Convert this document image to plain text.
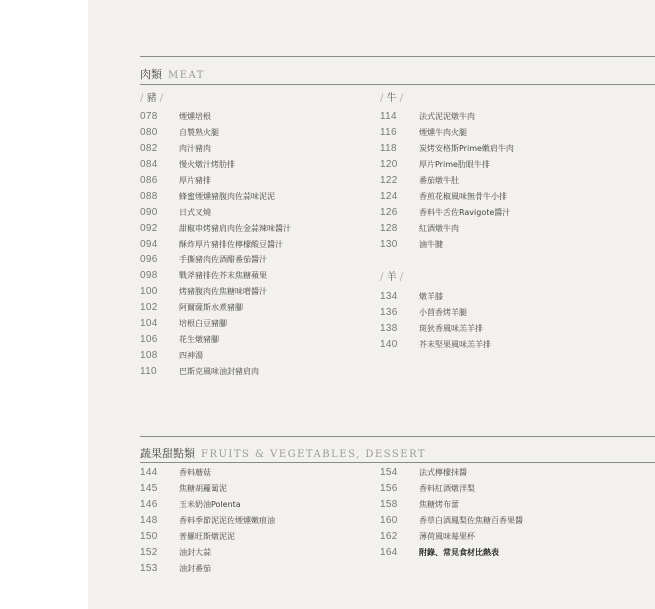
肉類 MEAT
/ 豬 /
078	煙燻培根
080	自製熟火腿
082	肉汁豬肉
084	慢火燉汁烤肋排
086	厚片豬排
088	蜂蜜煙燻豬腹肉佐蒜味泥泥
090	日式叉燒
092	甜椒串烤豬肩肉佐金蒜辣味醬汁
094	酥炸厚片豬排佐檸檬酸豆醬汁
096	手撕豬肉佐酒醋番茄醬汁
098	戰斧豬排佐芥末焦糖蘋果
100	烤豬腹肉佐焦糖味噌醬汁
102	阿爾薩斯水煮豬腳
104	培根白豆豬腳
106	花生燉豬腳
108	四神湯
110	巴斯克風味油封豬肩肉
/ 牛 /
114	法式泥泥燉牛肉
116	煙燻牛肉火腿
118	炭烤安格斯Prime嫩肩牛肉
120	厚片Prime肋眼牛排
122	番茄燉牛肚
124	香煎花椒風味無骨牛小排
126	香料牛舌佐Ravigote醬汁
128	紅酒燉牛肉
130	滷牛腱
/ 羊 /
134	燉羊膝
136	小茴香烤羊腿
138	斑狄香風味羔羊排
140	芥末堅果風味羔羊排
蔬果甜點類 FRUITS & VEGETABLES, DESSERT
144	香料蘑菇
145	焦糖胡蘿蔔泥
146	玉米奶油Polenta
148	香料季節泥泥佐煙燻嫩痕油
150	普羅旺斯燉泥泥
152	油封大蒜
153	油封番茄
154	法式檸檬抹醬
156	香料紅酒燉洋梨
158	焦糖烤布蕾
160	香草白酒鳳梨佐焦糖百香果醬
162	薄荷風味莓果杯
164	附錄、常見食材比熱表
